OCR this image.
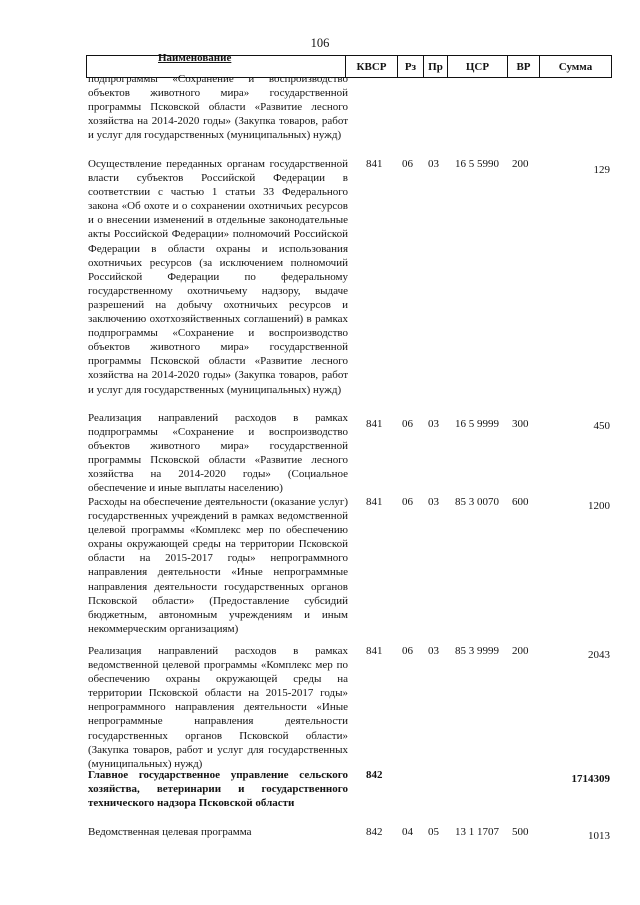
106
КВСР	Рз	Пр	ЦСР	ВР	Сумма
Наименование
подпрограммы «Сохранение и воспроизводство объектов животного мира» государственной программы Псковской области «Развитие лесного хозяйства на 2014-2020 годы» (Закупка товаров, работ и услуг для государственных (муниципальных) нужд)
Осуществление переданных органам государственной власти субъектов Российской Федерации в соответствии с частью 1 статьи 33 Федерального закона «Об охоте и о сохранении охотничьих ресурсов и о внесении изменений в отдельные законодательные акты Российской Федерации» полномочий Российской Федерации в области охраны и использования охотничьих ресурсов (за исключением полномочий Российской Федерации по федеральному государственному охотничьему надзору, выдаче разрешений на добычу охотничьих ресурсов и заключению охотхозяйственных соглашений) в рамках подпрограммы «Сохранение и воспроизводство объектов животного мира» государственной программы Псковской области «Развитие лесного хозяйства на 2014-2020 годы» (Закупка товаров, работ и услуг для государственных (муниципальных) нужд)
841 06 03	16 5 5990	200	129
Реализация направлений расходов в рамках подпрограммы «Сохранение и воспроизводство объектов животного мира» государственной программы Псковской области «Развитие лесного хозяйства на 2014-2020 годы» (Социальное обеспечение и иные выплаты населению)
841 06 03	16 5 9999	300	450
Расходы на обеспечение деятельности (оказание услуг) государственных учреждений в рамках ведомственной целевой программы «Комплекс мер по обеспечению охраны окружающей среды на территории Псковской области на 2015-2017 годы» непрограммного направления деятельности «Иные непрограммные направления деятельности государственных органов Псковской области» (Предоставление субсидий бюджетным, автономным учреждениям и иным некоммерческим организациям)
841 06 03	85 3 0070	600	1200
Реализация направлений расходов в рамках ведомственной целевой программы «Комплекс мер по обеспечению охраны окружающей среды на территории Псковской области на 2015-2017 годы» непрограммного направления деятельности «Иные непрограммные направления деятельности государственных органов Псковской области» (Закупка товаров, работ и услуг для государственных (муниципальных) нужд)
841 06 03	85 3 9999	200	2043
Главное государственное управление сельского хозяйства, ветеринарии и государственного технического надзора Псковской области
842	1714309
Ведомственная целевая программа	842 04 05	13 1 1707	500	1013
